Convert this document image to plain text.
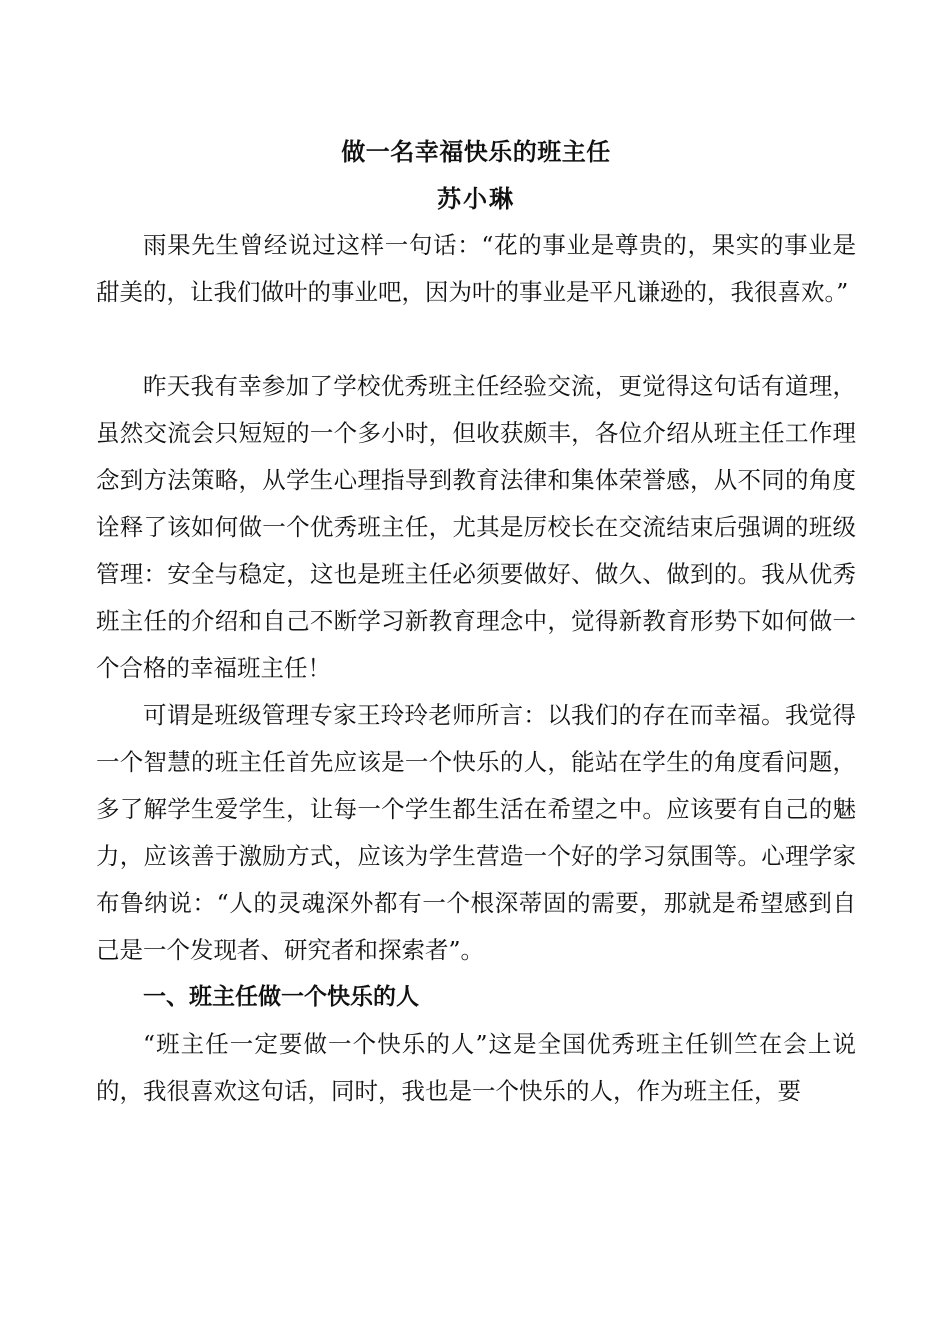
做一名幸福快乐的班主任
苏小琳

雨果先生曾经说过这样一句话：“花的事业是尊贵的，果实的事业是甜美的，让我们做叶的事业吧，因为叶的事业是平凡谦逊的，我很喜欢。”

昨天我有幸参加了学校优秀班主任经验交流，更觉得这句话有道理，虽然交流会只短短的一个多小时，但收获颇丰，各位介绍从班主任工作理念到方法策略，从学生心理指导到教育法律和集体荣誉感，从不同的角度诠释了该如何做一个优秀班主任，尤其是厉校长在交流结束后强调的班级管理：安全与稳定，这也是班主任必须要做好、做久、做到的。我从优秀班主任的介绍和自己不断学习新教育理念中，觉得新教育形势下如何做一个合格的幸福班主任！

可谓是班级管理专家王玲玲老师所言：以我们的存在而幸福。我觉得一个智慧的班主任首先应该是一个快乐的人，能站在学生的角度看问题，多了解学生爱学生，让每一个学生都生活在希望之中。应该要有自己的魅力，应该善于激励方式，应该为学生营造一个好的学习氛围等。心理学家布鲁纳说：“人的灵魂深外都有一个根深蒂固的需要，那就是希望感到自己是一个发现者、研究者和探索者”。

一、班主任做一个快乐的人

“班主任一定要做一个快乐的人”这是全国优秀班主任钏竺在会上说的，我很喜欢这句话，同时，我也是一个快乐的人，作为班主任，要
